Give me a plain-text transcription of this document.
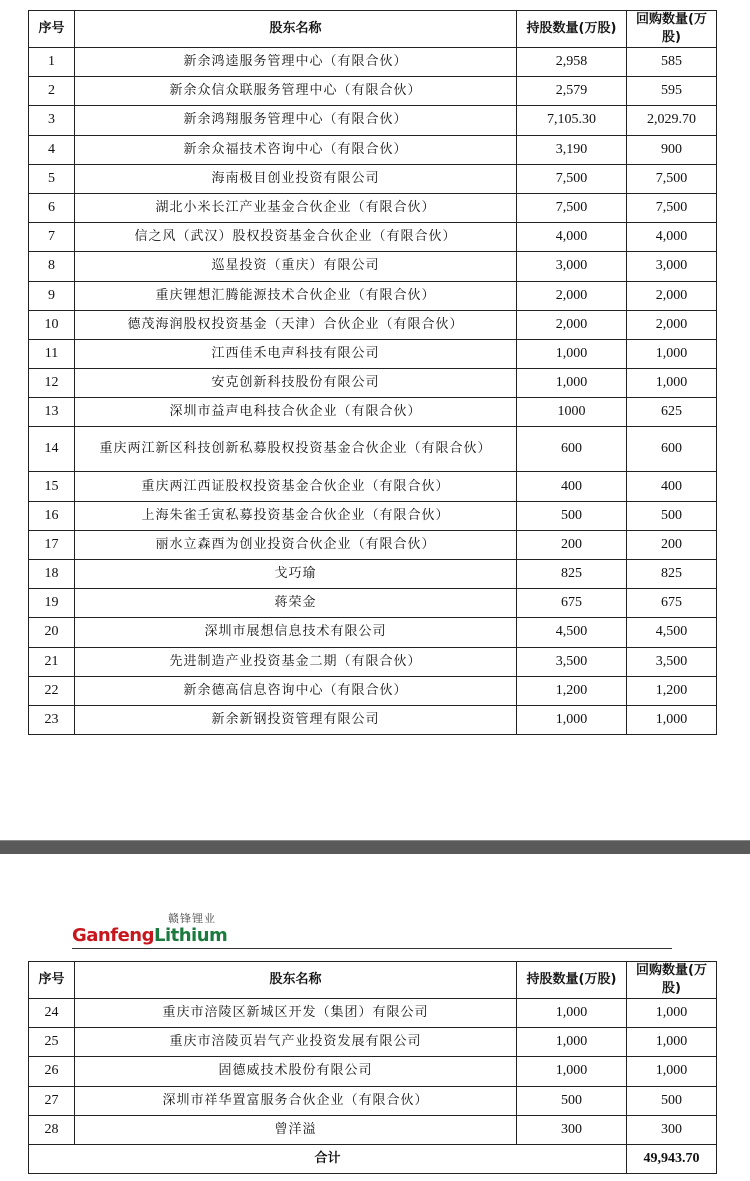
序号	股东名称	持股数量(万股)	回购数量(万股)
1	新余鸿逵服务管理中心（有限合伙）	2,958	585
2	新余众信众联服务管理中心（有限合伙）	2,579	595
3	新余鸿翔服务管理中心（有限合伙）	7,105.30	2,029.70
4	新余众福技术咨询中心（有限合伙）	3,190	900
5	海南极目创业投资有限公司	7,500	7,500
6	湖北小米长江产业基金合伙企业（有限合伙）	7,500	7,500
7	信之风（武汉）股权投资基金合伙企业（有限合伙）	4,000	4,000
8	巡星投资（重庆）有限公司	3,000	3,000
9	重庆锂想汇腾能源技术合伙企业（有限合伙）	2,000	2,000
10	德茂海润股权投资基金（天津）合伙企业（有限合伙）	2,000	2,000
11	江西佳禾电声科技有限公司	1,000	1,000
12	安克创新科技股份有限公司	1,000	1,000
13	深圳市益声电科技合伙企业（有限合伙）	1000	625
14	重庆两江新区科技创新私募股权投资基金合伙企业（有限合伙）	600	600
15	重庆两江西证股权投资基金合伙企业（有限合伙）	400	400
16	上海朱雀壬寅私募投资基金合伙企业（有限合伙）	500	500
17	丽水立森酉为创业投资合伙企业（有限合伙）	200	200
18	戈巧瑜	825	825
19	蒋荣金	675	675
20	深圳市展想信息技术有限公司	4,500	4,500
21	先进制造产业投资基金二期（有限合伙）	3,500	3,500
22	新余德高信息咨询中心（有限合伙）	1,200	1,200
23	新余新钢投资管理有限公司	1,000	1,000
赣锋锂业
GanfengLithium
序号	股东名称	持股数量(万股)	回购数量(万股)
24	重庆市涪陵区新城区开发（集团）有限公司	1,000	1,000
25	重庆市涪陵页岩气产业投资发展有限公司	1,000	1,000
26	固德威技术股份有限公司	1,000	1,000
27	深圳市祥华置富服务合伙企业（有限合伙）	500	500
28	曾洋溢	300	300
合计			49,943.70
